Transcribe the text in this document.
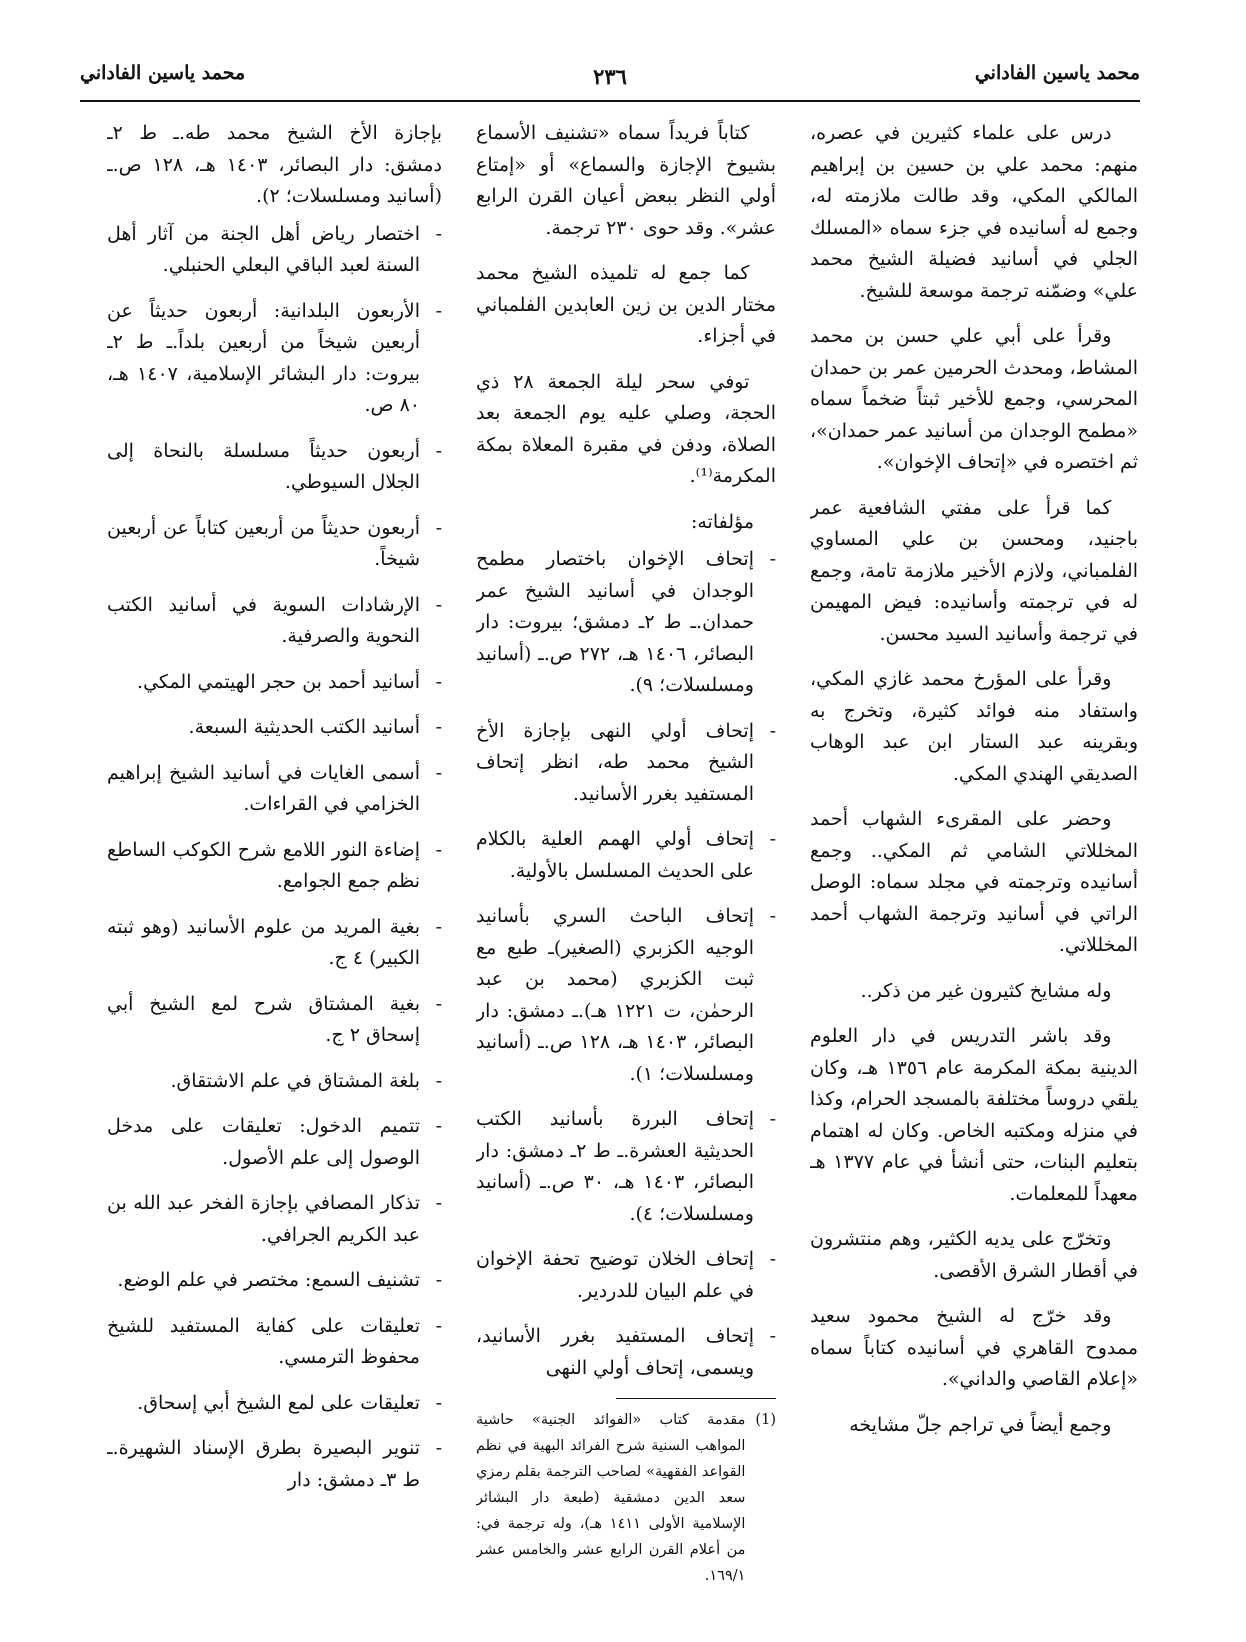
محمد ياسين الفاداني
٢٣٦
محمد ياسين الفاداني

درس على علماء كثيرين في عصره، منهم: محمد علي بن حسين بن إبراهيم المالكي المكي، وقد طالت ملازمته له، وجمع له أسانيده في جزء سماه «المسلك الجلي في أسانيد فضيلة الشيخ محمد علي» وضمّنه ترجمة موسعة للشيخ.

وقرأ على أبي علي حسن بن محمد المشاط، ومحدث الحرمين عمر بن حمدان المحرسي، وجمع للأخير ثبتاً ضخماً سماه «مطمح الوجدان من أسانيد عمر حمدان»، ثم اختصره في «إتحاف الإخوان».

كما قرأ على مفتي الشافعية عمر باجنيد، ومحسن بن علي المساوي الفلمباني، ولازم الأخير ملازمة تامة، وجمع له في ترجمته وأسانيده: فيض المهيمن في ترجمة وأسانيد السيد محسن.

وقرأ على المؤرخ محمد غازي المكي، واستفاد منه فوائد كثيرة، وتخرج به وبقرينه عبد الستار ابن عبد الوهاب الصديقي الهندي المكي.

وحضر على المقرىء الشهاب أحمد المخللاتي الشامي ثم المكي.. وجمع أسانيده وترجمته في مجلد سماه: الوصل الراتي في أسانيد وترجمة الشهاب أحمد المخللاتي.

وله مشايخ كثيرون غير من ذكر..

وقد باشر التدريس في دار العلوم الدينية بمكة المكرمة عام ١٣٥٦ هـ، وكان يلقي دروساً مختلفة بالمسجد الحرام، وكذا في منزله ومكتبه الخاص. وكان له اهتمام بتعليم البنات، حتى أنشأ في عام ١٣٧٧ هـ معهداً للمعلمات.

وتخرّج على يديه الكثير، وهم منتشرون في أقطار الشرق الأقصى.

وقد خرّج له الشيخ محمود سعيد ممدوح القاهري في أسانيده كتاباً سماه «إعلام القاصي والداني».

وجمع أيضاً في تراجم جلّ مشايخه

كتاباً فريداً سماه «تشنيف الأسماع بشيوخ الإجازة والسماع» أو «إمتاع أولي النظر ببعض أعيان القرن الرابع عشر». وقد حوى ٢٣٠ ترجمة.

كما جمع له تلميذه الشيخ محمد مختار الدين بن زين العابدين الفلمباني في أجزاء.

توفي سحر ليلة الجمعة ٢٨ ذي الحجة، وصلي عليه يوم الجمعة بعد الصلاة، ودفن في مقبرة المعلاة بمكة المكرمة⁽¹⁾.

مؤلفاته:

- إتحاف الإخوان باختصار مطمح الوجدان في أسانيد الشيخ عمر حمدان.ـ ط ٢ـ دمشق؛ بيروت: دار البصائر، ١٤٠٦ هـ، ٢٧٢ ص.ـ (أسانيد ومسلسلات؛ ٩).
- إتحاف أولي النهى بإجازة الأخ الشيخ محمد طه، انظر إتحاف المستفيد بغرر الأسانيد.
- إتحاف أولي الهمم العلية بالكلام على الحديث المسلسل بالأولية.
- إتحاف الباحث السري بأسانيد الوجيه الكزبري (الصغير)ـ طبع مع ثبت الكزبري (محمد بن عبد الرحمٰن، ت ١٢٢١ هـ).ـ دمشق: دار البصائر، ١٤٠٣ هـ، ١٢٨ ص.ـ (أسانيد ومسلسلات؛ ١).
- إتحاف البررة بأسانيد الكتب الحديثية العشرة.ـ ط ٢ـ دمشق: دار البصائر، ١٤٠٣ هـ، ٣٠ ص.ـ (أسانيد ومسلسلات؛ ٤).
- إتحاف الخلان توضيح تحفة الإخوان في علم البيان للدردير.
- إتحاف المستفيد بغرر الأسانيد، ويسمى، إتحاف أولي النهى
(1)
مقدمة كتاب «الفوائد الجنية» حاشية المواهب السنية شرح الفرائد البهية في نظم القواعد الفقهية» لصاحب الترجمة بقلم رمزي سعد الدين دمشقية (طبعة دار البشائر الإسلامية الأولى ١٤١١ هـ)، وله ترجمة في: من أعلام القرن الرابع عشر والخامس عشر ١٦٩/١.

بإجازة الأخ الشيخ محمد طه.ـ ط ٢ـ دمشق: دار البصائر، ١٤٠٣ هـ، ١٢٨ ص.ـ (أسانيد ومسلسلات؛ ٢).

- اختصار رياض أهل الجنة من آثار أهل السنة لعبد الباقي البعلي الحنبلي.
- الأربعون البلدانية: أربعون حديثاً عن أربعين شيخاً من أربعين بلداً.ـ ط ٢ـ بيروت: دار البشائر الإسلامية، ١٤٠٧ هـ، ٨٠ ص.
- أربعون حديثاً مسلسلة بالنحاة إلى الجلال السيوطي.
- أربعون حديثاً من أربعين كتاباً عن أربعين شيخاً.
- الإرشادات السوية في أسانيد الكتب النحوية والصرفية.
- أسانيد أحمد بن حجر الهيتمي المكي.
- أسانيد الكتب الحديثية السبعة.
- أسمى الغايات في أسانيد الشيخ إبراهيم الخزامي في القراءات.
- إضاءة النور اللامع شرح الكوكب الساطع نظم جمع الجوامع.
- بغية المريد من علوم الأسانيد (وهو ثبته الكبير) ٤ ج.
- بغية المشتاق شرح لمع الشيخ أبي إسحاق ٢ ج.
- بلغة المشتاق في علم الاشتقاق.
- تتميم الدخول: تعليقات على مدخل الوصول إلى علم الأصول.
- تذكار المصافي بإجازة الفخر عبد الله بن عبد الكريم الجرافي.
- تشنيف السمع: مختصر في علم الوضع.
- تعليقات على كفاية المستفيد للشيخ محفوظ الترمسي.
- تعليقات على لمع الشيخ أبي إسحاق.
- تنوير البصيرة بطرق الإسناد الشهيرة.ـ ط ٣ـ دمشق: دار
